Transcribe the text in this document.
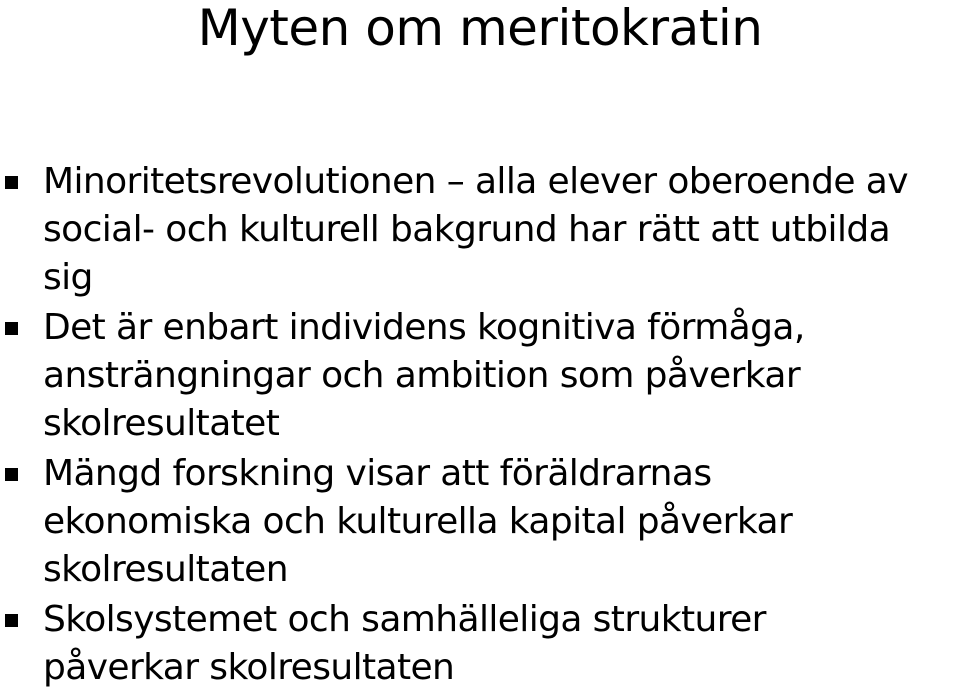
Myten om meritokratin
Minoritetsrevolutionen – alla elever oberoende av social- och kulturell bakgrund har rätt att utbilda sig
Det är enbart individens kognitiva förmåga, ansträngningar och ambition som påverkar skolresultatet
Mängd forskning visar att föräldrarnas ekonomiska och kulturella kapital påverkar skolresultaten
Skolsystemet och samhälleliga strukturer påverkar skolresultaten
